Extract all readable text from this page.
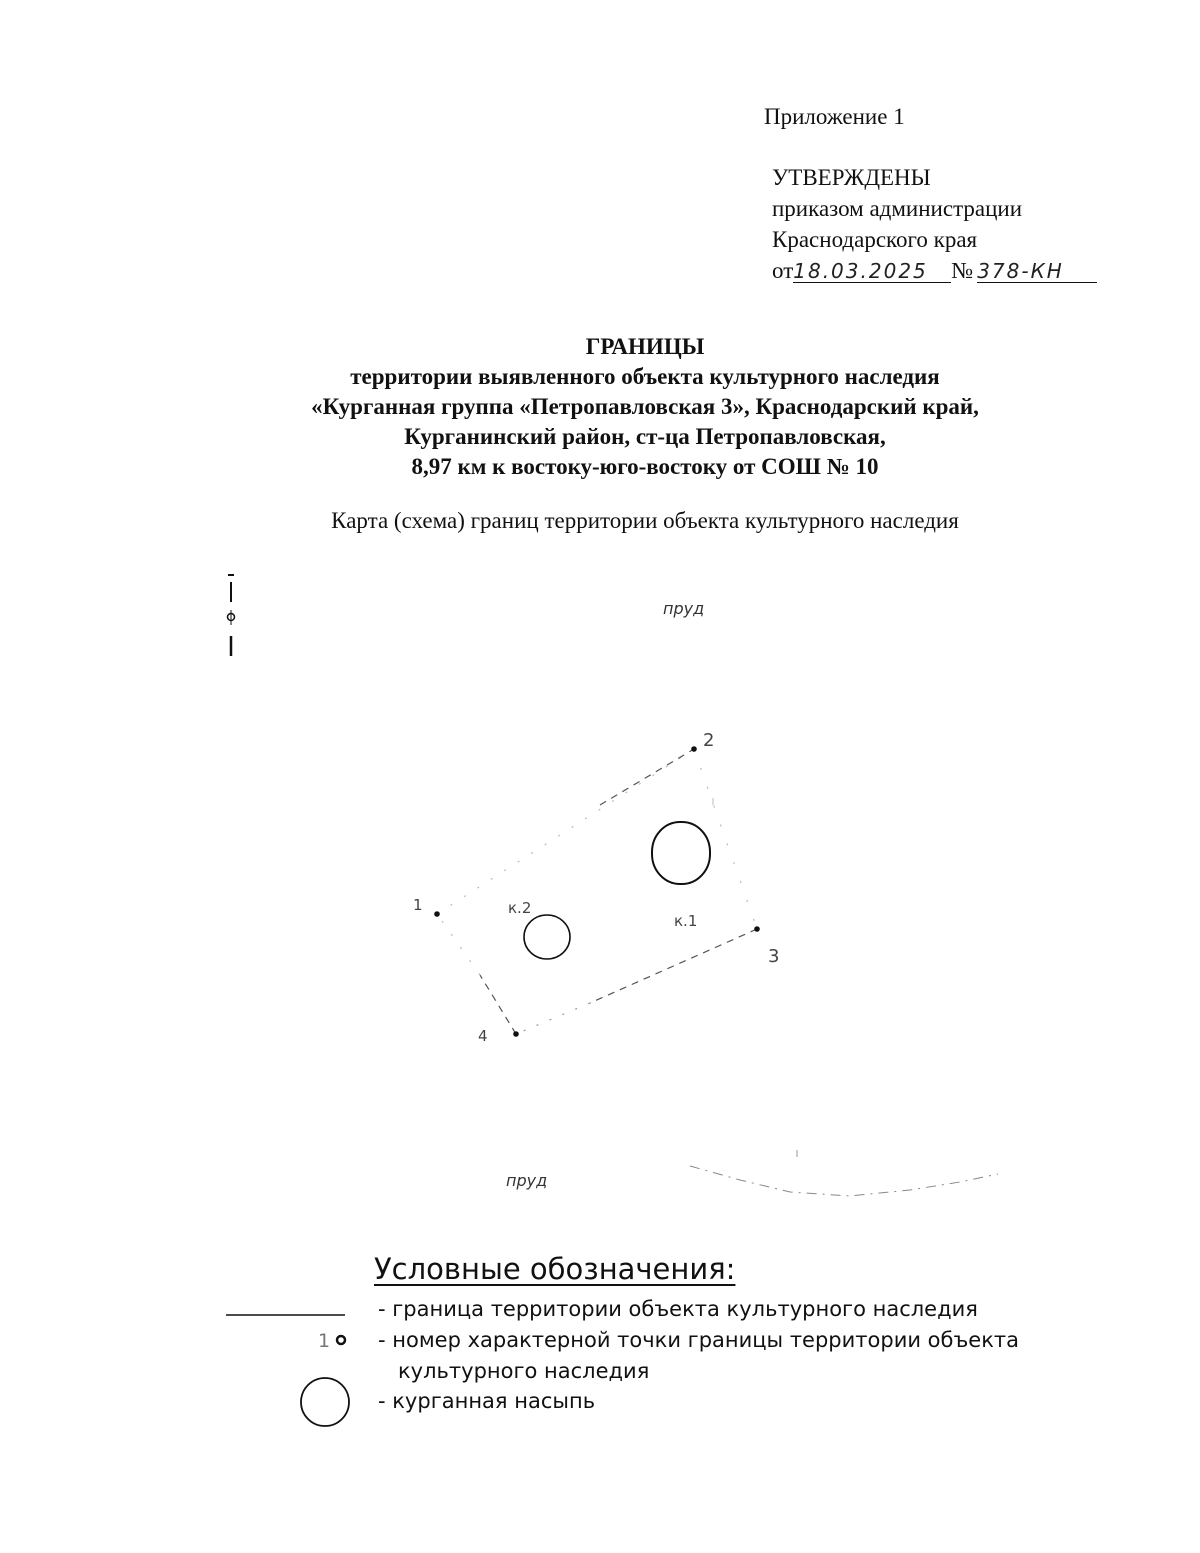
Приложение 1
УТВЕРЖДЕНЫ
приказом администрации
Краснодарского края
от18.03.2025 № 378-КН
ГРАНИЦЫ
территории выявленного объекта культурного наследия
«Курганная группа «Петропавловская 3», Краснодарский край,
Курганинский район, ст-ца Петропавловская,
8,97 км к востоку-юго-востоку от СОШ № 10
Карта (схема) границ территории объекта культурного наследия
пруд
пруд
1
2
3
4
к.1
к.2
Условные обозначения:
1
- граница территории объекта культурного наследия
- номер характерной точки границы территории объекта
культурного наследия
- курганная насыпь
